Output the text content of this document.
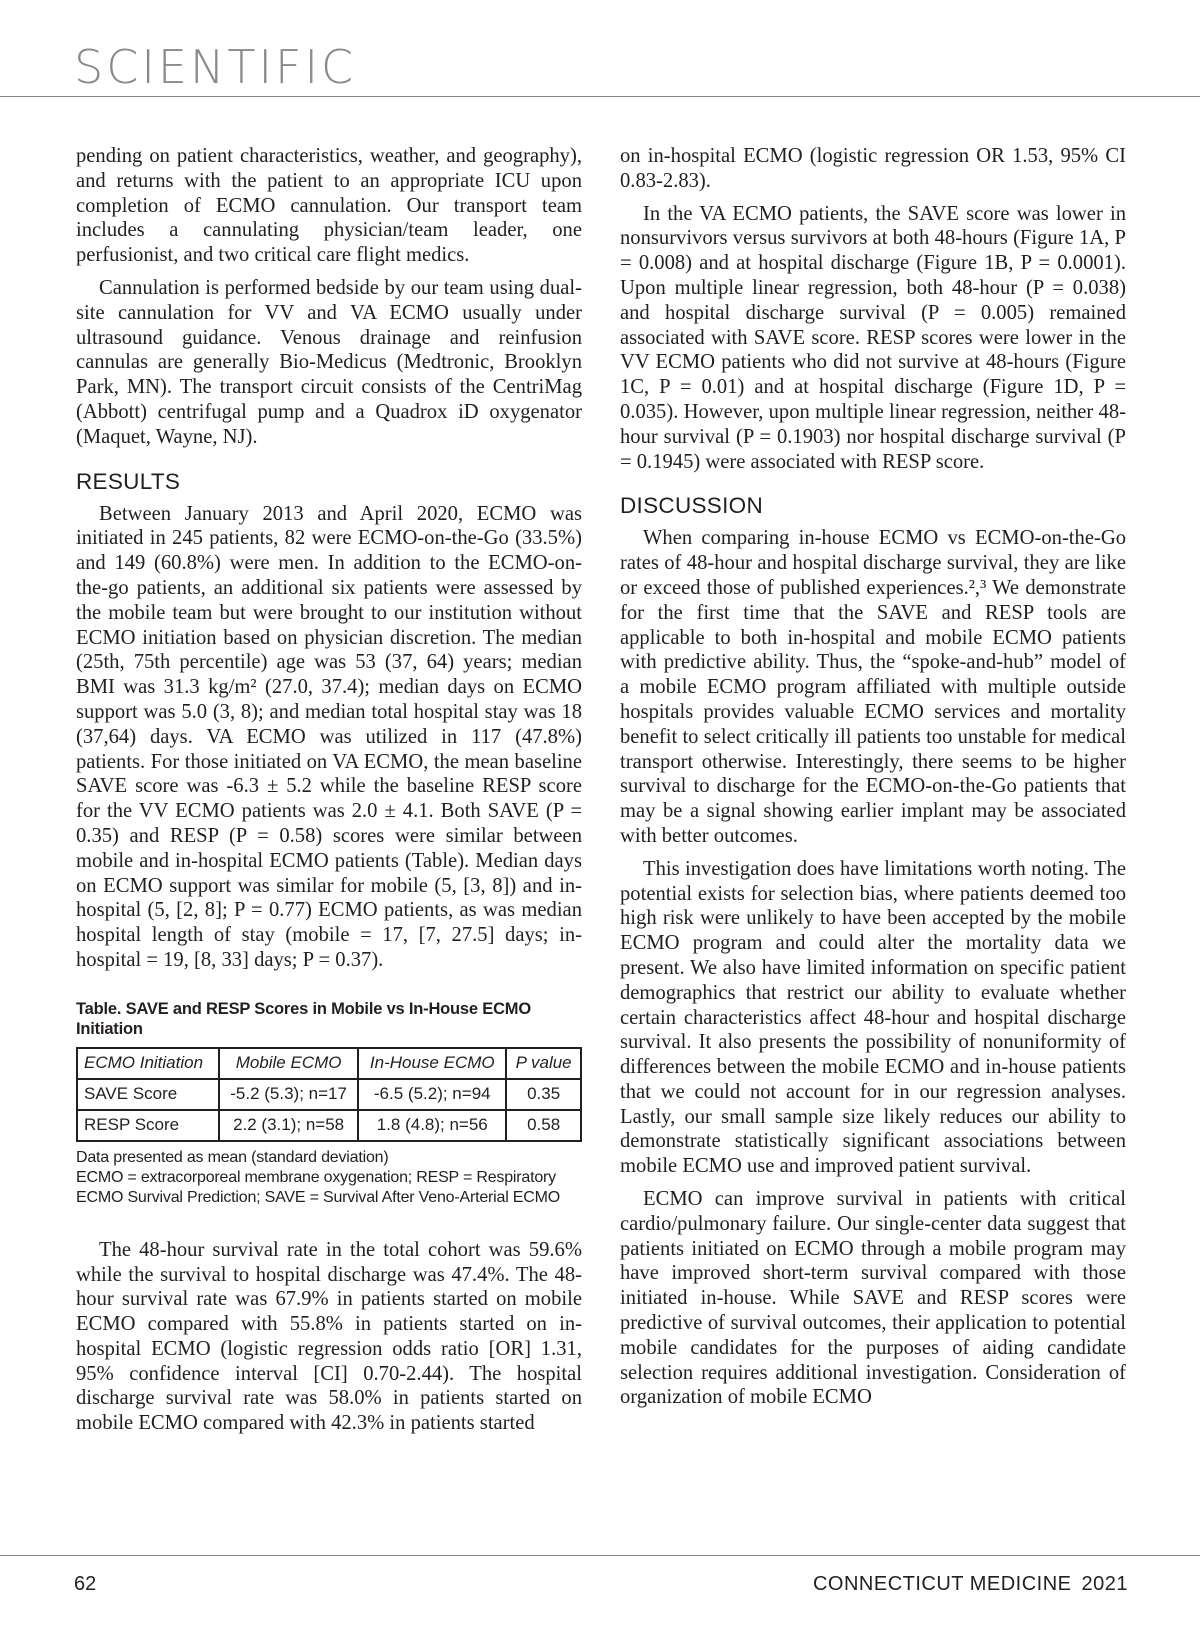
SCIENTIFIC

pending on patient characteristics, weather, and geography), and returns with the patient to an appropriate ICU upon completion of ECMO cannulation. Our transport team includes a cannulating physician/team leader, one perfusionist, and two critical care flight medics.

Cannulation is performed bedside by our team using dual-site cannulation for VV and VA ECMO usually under ultrasound guidance. Venous drainage and reinfusion cannulas are generally Bio-Medicus (Medtronic, Brooklyn Park, MN). The transport circuit consists of the CentriMag (Abbott) centrifugal pump and a Quadrox iD oxygenator (Maquet, Wayne, NJ).

RESULTS

Between January 2013 and April 2020, ECMO was initiated in 245 patients, 82 were ECMO-on-the-Go (33.5%) and 149 (60.8%) were men. In addition to the ECMO-on-the-go patients, an additional six patients were assessed by the mobile team but were brought to our institution without ECMO initiation based on physician discretion. The median (25th, 75th percentile) age was 53 (37, 64) years; median BMI was 31.3 kg/m² (27.0, 37.4); median days on ECMO support was 5.0 (3, 8); and median total hospital stay was 18 (37,64) days. VA ECMO was utilized in 117 (47.8%) patients. For those initiated on VA ECMO, the mean baseline SAVE score was -6.3 ± 5.2 while the baseline RESP score for the VV ECMO patients was 2.0 ± 4.1. Both SAVE (P = 0.35) and RESP (P = 0.58) scores were similar between mobile and in-hospital ECMO patients (Table). Median days on ECMO support was similar for mobile (5, [3, 8]) and in-hospital (5, [2, 8]; P = 0.77) ECMO patients, as was median hospital length of stay (mobile = 17, [7, 27.5] days; in-hospital = 19, [8, 33] days; P = 0.37).

Table. SAVE and RESP Scores in Mobile vs In-House ECMO Initiation
ECMO Initiation	Mobile ECMO	In-House ECMO	P value
SAVE Score	-5.2 (5.3); n=17	-6.5 (5.2); n=94	0.35
RESP Score	2.2 (3.1); n=58	1.8 (4.8); n=56	0.58
Data presented as mean (standard deviation)
ECMO = extracorporeal membrane oxygenation; RESP = Respiratory ECMO Survival Prediction; SAVE = Survival After Veno-Arterial ECMO

The 48-hour survival rate in the total cohort was 59.6% while the survival to hospital discharge was 47.4%. The 48-hour survival rate was 67.9% in patients started on mobile ECMO compared with 55.8% in patients started on in-hospital ECMO (logistic regression odds ratio [OR] 1.31, 95% confidence interval [CI] 0.70-2.44). The hospital discharge survival rate was 58.0% in patients started on mobile ECMO compared with 42.3% in patients started

on in-hospital ECMO (logistic regression OR 1.53, 95% CI 0.83-2.83).

In the VA ECMO patients, the SAVE score was lower in nonsurvivors versus survivors at both 48-hours (Figure 1A, P = 0.008) and at hospital discharge (Figure 1B, P = 0.0001). Upon multiple linear regression, both 48-hour (P = 0.038) and hospital discharge survival (P = 0.005) remained associated with SAVE score. RESP scores were lower in the VV ECMO patients who did not survive at 48-hours (Figure 1C, P = 0.01) and at hospital discharge (Figure 1D, P = 0.035). However, upon multiple linear regression, neither 48-hour survival (P = 0.1903) nor hospital discharge survival (P = 0.1945) were associated with RESP score.

DISCUSSION

When comparing in-house ECMO vs ECMO-on-the-Go rates of 48-hour and hospital discharge survival, they are like or exceed those of published experiences.²,³ We demonstrate for the first time that the SAVE and RESP tools are applicable to both in-hospital and mobile ECMO patients with predictive ability. Thus, the “spoke-and-hub” model of a mobile ECMO program affiliated with multiple outside hospitals provides valuable ECMO services and mortality benefit to select critically ill patients too unstable for medical transport otherwise. Interestingly, there seems to be higher survival to discharge for the ECMO-on-the-Go patients that may be a signal showing earlier implant may be associated with better outcomes.

This investigation does have limitations worth noting. The potential exists for selection bias, where patients deemed too high risk were unlikely to have been accepted by the mobile ECMO program and could alter the mortality data we present. We also have limited information on specific patient demographics that restrict our ability to evaluate whether certain characteristics affect 48-hour and hospital discharge survival. It also presents the possibility of nonuniformity of differences between the mobile ECMO and in-house patients that we could not account for in our regression analyses. Lastly, our small sample size likely reduces our ability to demonstrate statistically significant associations between mobile ECMO use and improved patient survival.

ECMO can improve survival in patients with critical cardio/pulmonary failure. Our single-center data suggest that patients initiated on ECMO through a mobile program may have improved short-term survival compared with those initiated in-house. While SAVE and RESP scores were predictive of survival outcomes, their application to potential mobile candidates for the purposes of aiding candidate selection requires additional investigation. Consideration of organization of mobile ECMO

62	CONNECTICUT MEDICINE 2021
